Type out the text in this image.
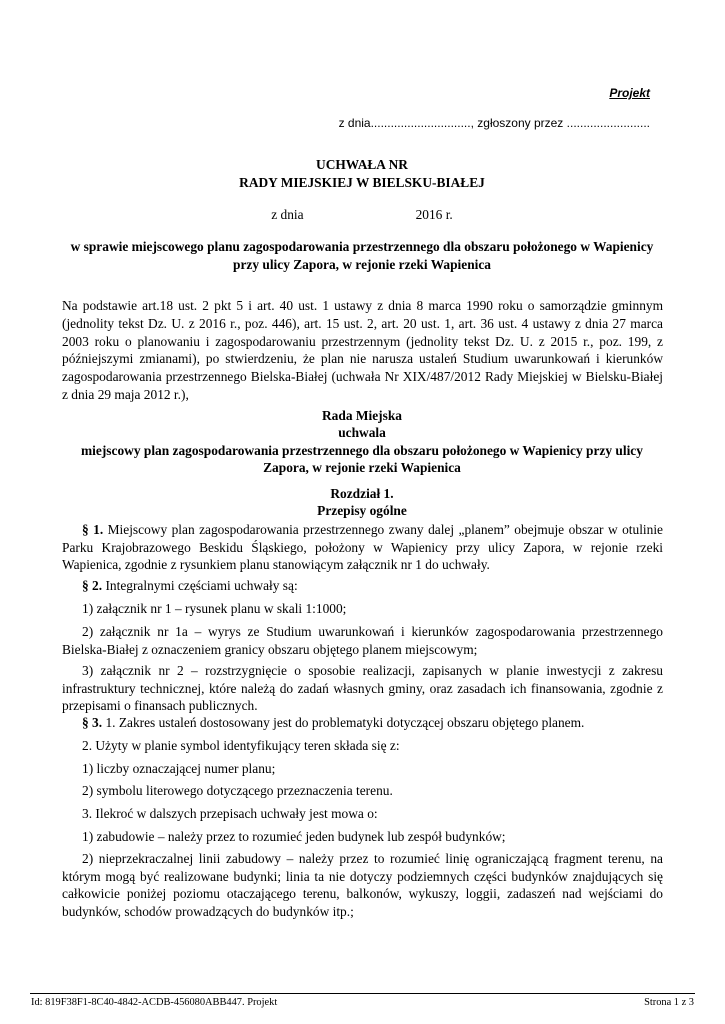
Projekt
z dnia.............................., zgłoszony przez .........................
UCHWAŁA NR
RADY MIEJSKIEJ W BIELSKU-BIAŁEJ
z dnia	2016 r.
w sprawie miejscowego planu zagospodarowania przestrzennego dla obszaru położonego w Wapienicy przy ulicy Zapora, w rejonie rzeki Wapienica
Na podstawie art.18 ust. 2 pkt 5 i art. 40 ust. 1 ustawy z dnia 8 marca 1990 roku o samorządzie gminnym (jednolity tekst Dz. U. z 2016 r., poz. 446), art. 15 ust. 2, art. 20 ust. 1, art. 36 ust. 4 ustawy z dnia 27 marca 2003 roku o planowaniu i zagospodarowaniu przestrzennym (jednolity tekst Dz. U. z 2015 r., poz. 199, z późniejszymi zmianami), po stwierdzeniu, że plan nie narusza ustaleń Studium uwarunkowań i kierunków zagospodarowania przestrzennego Bielska-Białej (uchwała Nr XIX/487/2012 Rady Miejskiej w Bielsku-Białej z dnia 29 maja 2012 r.),
Rada Miejska
uchwala
miejscowy plan zagospodarowania przestrzennego dla obszaru położonego w Wapienicy przy ulicy Zapora, w rejonie rzeki Wapienica
Rozdział 1.
Przepisy ogólne

§ 1. Miejscowy plan zagospodarowania przestrzennego zwany dalej „planem” obejmuje obszar w otulinie Parku Krajobrazowego Beskidu Śląskiego, położony w Wapienicy przy ulicy Zapora, w rejonie rzeki Wapienica, zgodnie z rysunkiem planu stanowiącym załącznik nr 1 do uchwały.

§ 2. Integralnymi częściami uchwały są:

1) załącznik nr 1 – rysunek planu w skali 1:1000;

2) załącznik nr 1a – wyrys ze Studium uwarunkowań i kierunków zagospodarowania przestrzennego Bielska-Białej z oznaczeniem granicy obszaru objętego planem miejscowym;

3) załącznik nr 2 – rozstrzygnięcie o sposobie realizacji, zapisanych w planie inwestycji z zakresu infrastruktury technicznej, które należą do zadań własnych gminy, oraz zasadach ich finansowania, zgodnie z przepisami o finansach publicznych.

§ 3. 1. Zakres ustaleń dostosowany jest do problematyki dotyczącej obszaru objętego planem.

2. Użyty w planie symbol identyfikujący teren składa się z:

1) liczby oznaczającej numer planu;

2) symbolu literowego dotyczącego przeznaczenia terenu.

3. Ilekroć w dalszych przepisach uchwały jest mowa o:

1) zabudowie – należy przez to rozumieć jeden budynek lub zespół budynków;

2) nieprzekraczalnej linii zabudowy – należy przez to rozumieć linię ograniczającą fragment terenu, na którym mogą być realizowane budynki; linia ta nie dotyczy podziemnych części budynków znajdujących się całkowicie poniżej poziomu otaczającego terenu, balkonów, wykuszy, loggii, zadaszeń nad wejściami do budynków, schodów prowadzących do budynków itp.;

Id: 819F38F1-8C40-4842-ACDB-456080ABB447. Projekt	Strona 1 z 3
